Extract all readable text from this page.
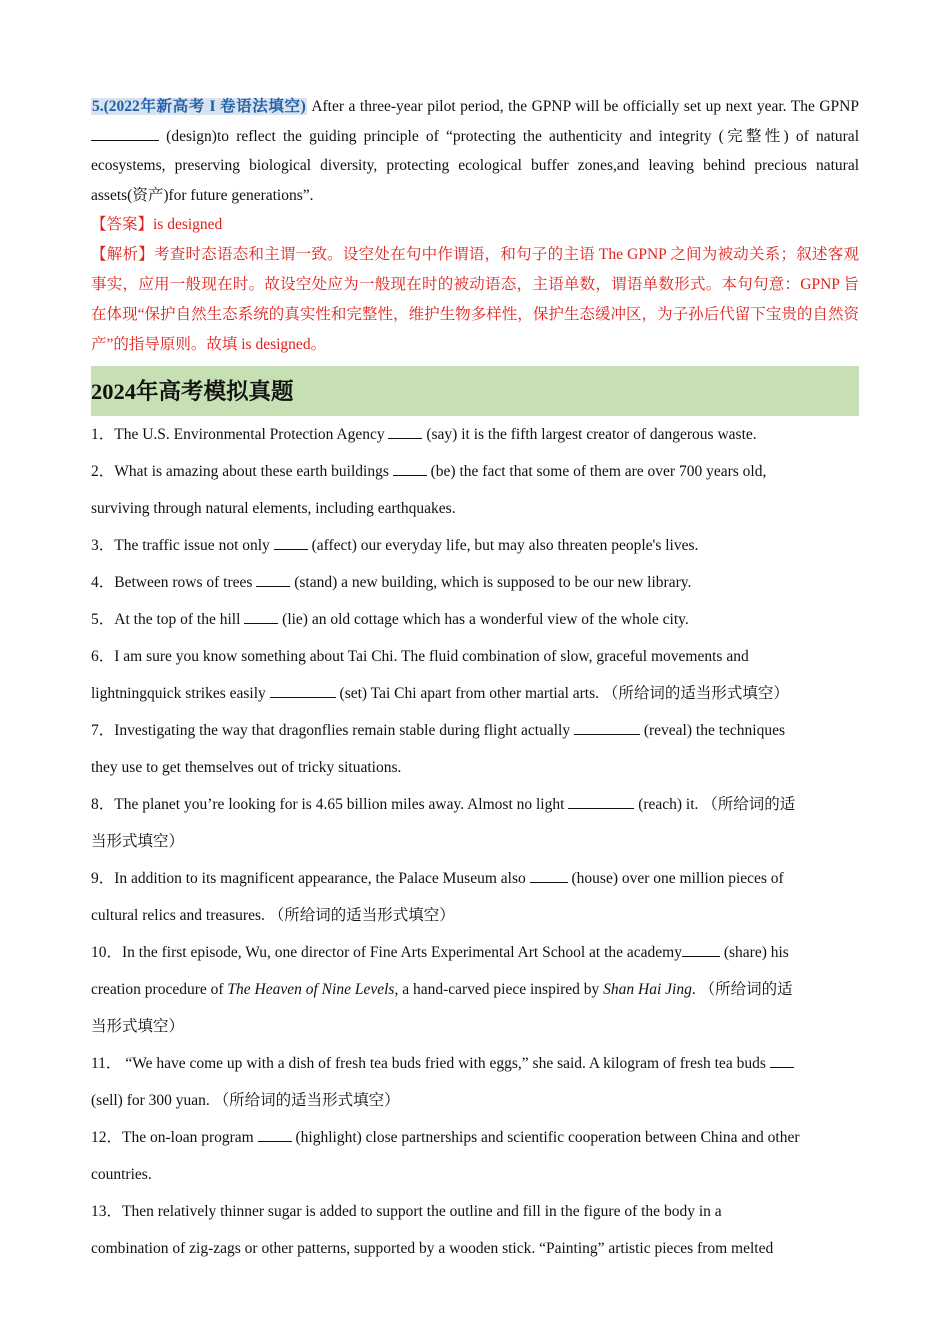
5.(2022年新高考 I 卷语法填空) After a three-year pilot period, the GPNP will be officially set up next year. The GPNP  (design)to reflect the guiding principle of “protecting the authenticity and integrity (完整性) of natural ecosystems, preserving biological diversity, protecting ecological buffer zones,and leaving behind precious natural assets(资产)for future generations”.
【答案】is designed
【解析】考查时态语态和主谓一致。设空处在句中作谓语，和句子的主语 The GPNP 之间为被动关系；叙述客观事实，应用一般现在时。故设空处应为一般现在时的被动语态，主语单数，谓语单数形式。本句句意：GPNP 旨在体现“保护自然生态系统的真实性和完整性，维护生物多样性，保护生态缓冲区，为子孙后代留下宝贵的自然资产”的指导原则。故填 is designed。
2024年高考模拟真题

1．The U.S. Environmental Protection Agency  (say) it is the fifth largest creator of dangerous waste.

2．What is amazing about these earth buildings  (be) the fact that some of them are over 700 years old,
surviving through natural elements, including earthquakes.

3．The traffic issue not only  (affect) our everyday life, but may also threaten people's lives.

4．Between rows of trees  (stand) a new building, which is supposed to be our new library.

5．At the top of the hill  (lie) an old cottage which has a wonderful view of the whole city.

6．I am sure you know something about Tai Chi. The fluid combination of slow, graceful movements and
lightningquick strikes easily	(set) Tai Chi apart from other martial arts. （所给词的适当形式填空）

7．Investigating the way that dragonflies remain stable during flight actually	(reveal) the techniques
they use to get themselves out of tricky situations.

8．The planet you’re looking for is 4.65 billion miles away. Almost no light	(reach) it. （所给词的适
当形式填空）

9．In addition to its magnificent appearance, the Palace Museum also  (house) over one million pieces of
cultural relics and treasures. （所给词的适当形式填空）

10．In the first episode, Wu, one director of Fine Arts Experimental Art School at the academy (share) his
creation procedure of The Heaven of Nine Levels, a hand-carved piece inspired by Shan Hai Jing. （所给词的适
当形式填空）

11． “We have come up with a dish of fresh tea buds fried with eggs,” she said. A kilogram of fresh tea buds
(sell) for 300 yuan. （所给词的适当形式填空）

12．The on-loan program  (highlight) close partnerships and scientific cooperation between China and other
countries.

13．Then relatively thinner sugar is added to support the outline and fill in the figure of the body in a
combination of zig-zags or other patterns, supported by a wooden stick. “Painting” artistic pieces from melted
